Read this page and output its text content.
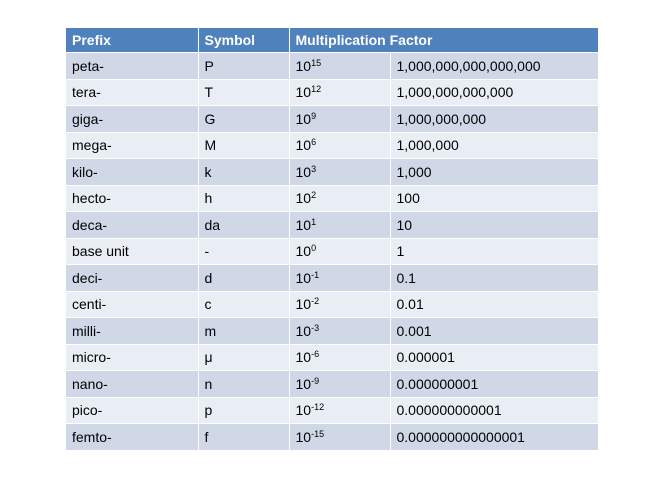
Prefix	Symbol	Multiplication Factor	
peta-	P	$10^{15}$	1,000,000,000,000,000
tera-	T	$10^{12}$	1,000,000,000,000
giga-	G	$10^9$	1,000,000,000
mega-	M	$10^6$	1,000,000
kilo-	k	$10^3$	1,000
hecto-	h	$10^2$	100
deca-	da	$10^1$	10
base unit	-	$10^0$	1
deci-	d	$10^{-1}$	0.1
centi-	c	$10^{-2}$	0.01
milli-	m	$10^{-3}$	0.001
micro-	μ	$10^{-6}$	0.000001
nano-	n	$10^{-9}$	0.000000001
pico-	p	$10^{-12}$	0.000000000001
femto-	f	$10^{-15}$	0.000000000000001
